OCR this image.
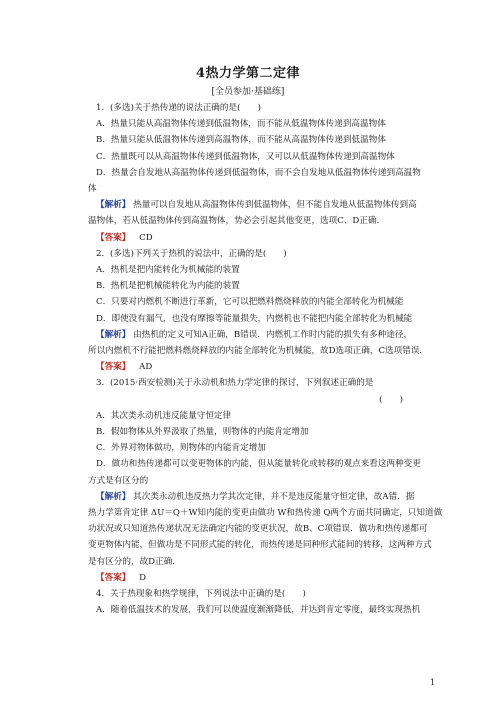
4热力学第二定律
[全员参加·基础练]
1．(多选)关于热传递的说法正确的是(　　)
A．热量只能从高温物体传递到低温物体，而不能从低温物体传递到高温物体
B．热量只能从低温物体传递到高温物体，而不能从高温物体传递到低温物体
C．热量既可以从高温物体传递到低温物体，又可以从低温物体传递到高温物体
D．热量会自发地从高温物体传递到低温物体，而不会自发地从低温物体传递到高温物
体
【解析】 热量可以自发地从高温物体传到低温物体，但不能自发地从低温物体传到高
温物体，若从低温物体传到高温物体，势必会引起其他变更，选项C、D正确.
【答案】 CD
2．(多选)下列关于热机的说法中，正确的是(　　)
A．热机是把内能转化为机械能的装置
B．热机是把机械能转化为内能的装置
C．只要对内燃机不断进行革新，它可以把燃料燃烧释放的内能全部转化为机械能
D．即使没有漏气，也没有摩擦等能量损失，内燃机也不能把内能全部转化为机械能
【解析】 由热机的定义可知A正确，B错误．内燃机工作时内能的损失有多种途径，
所以内燃机不行能把燃料燃烧释放的内能全部转化为机械能，故D选项正确，C选项错误．
【答案】 AD
3．(2015·西安检测)关于永动机和热力学定律的探讨，下列叙述正确的是
(　　)
A．其次类永动机违反能量守恒定律
B．假如物体从外界汲取了热量，则物体的内能肯定增加
C．外界对物体做功，则物体的内能肯定增加
D．做功和热传递都可以变更物体的内能，但从能量转化或转移的观点来看这两种变更
方式是有区分的
【解析】 其次类永动机违反热力学其次定律，并不是违反能量守恒定律，故A错．据
热力学第肯定律 ΔU＝Q＋W知内能的变更由做功 W和热传递 Q两个方面共同确定，只知道做
功状况或只知道热传递状况无法确定内能的变更状况，故B、C项错误．做功和热传递都可
变更物体内能，但做功是不同形式能的转化，而热传递是同种形式能间的转移，这两种方式
是有区分的，故D正确．
【答案】 D
4．关于热现象和热学规律，下列说法中正确的是(　　)
A．随着低温技术的发展，我们可以使温度渐渐降低，并达到肯定零度，最终实现热机
1
